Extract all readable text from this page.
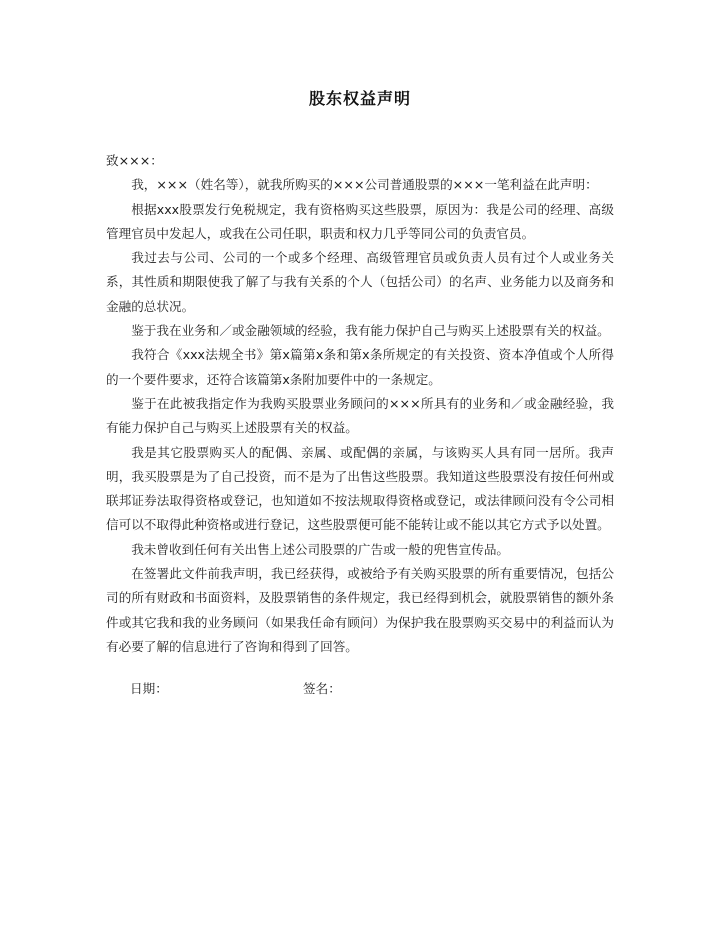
股东权益声明

致×××：

我，×××（姓名等），就我所购买的×××公司普通股票的×××一笔利益在此声明：

根据xxx股票发行免税规定，我有资格购买这些股票，原因为：我是公司的经理、高级管理官员中发起人，或我在公司任职，职责和权力几乎等同公司的负责官员。

我过去与公司、公司的一个或多个经理、高级管理官员或负责人员有过个人或业务关系，其性质和期限使我了解了与我有关系的个人（包括公司）的名声、业务能力以及商务和金融的总状况。

鉴于我在业务和／或金融领域的经验，我有能力保护自己与购买上述股票有关的权益。

我符合《xxx法规全书》第x篇第x条和第x条所规定的有关投资、资本净值或个人所得的一个要件要求，还符合该篇第x条附加要件中的一条规定。

鉴于在此被我指定作为我购买股票业务顾问的×××所具有的业务和／或金融经验，我有能力保护自己与购买上述股票有关的权益。

我是其它股票购买人的配偶、亲属、或配偶的亲属，与该购买人具有同一居所。我声明，我买股票是为了自己投资，而不是为了出售这些股票。我知道这些股票没有按任何州或联邦证券法取得资格或登记，也知道如不按法规取得资格或登记，或法律顾问没有令公司相信可以不取得此种资格或进行登记，这些股票便可能不能转让或不能以其它方式予以处置。

我未曾收到任何有关出售上述公司股票的广告或一般的兜售宣传品。

在签署此文件前我声明，我已经获得，或被给予有关购买股票的所有重要情况，包括公司的所有财政和书面资料，及股票销售的条件规定，我已经得到机会，就股票销售的额外条件或其它我和我的业务顾问（如果我任命有顾问）为保护我在股票购买交易中的利益而认为有必要了解的信息进行了咨询和得到了回答。

日期：	签名：
